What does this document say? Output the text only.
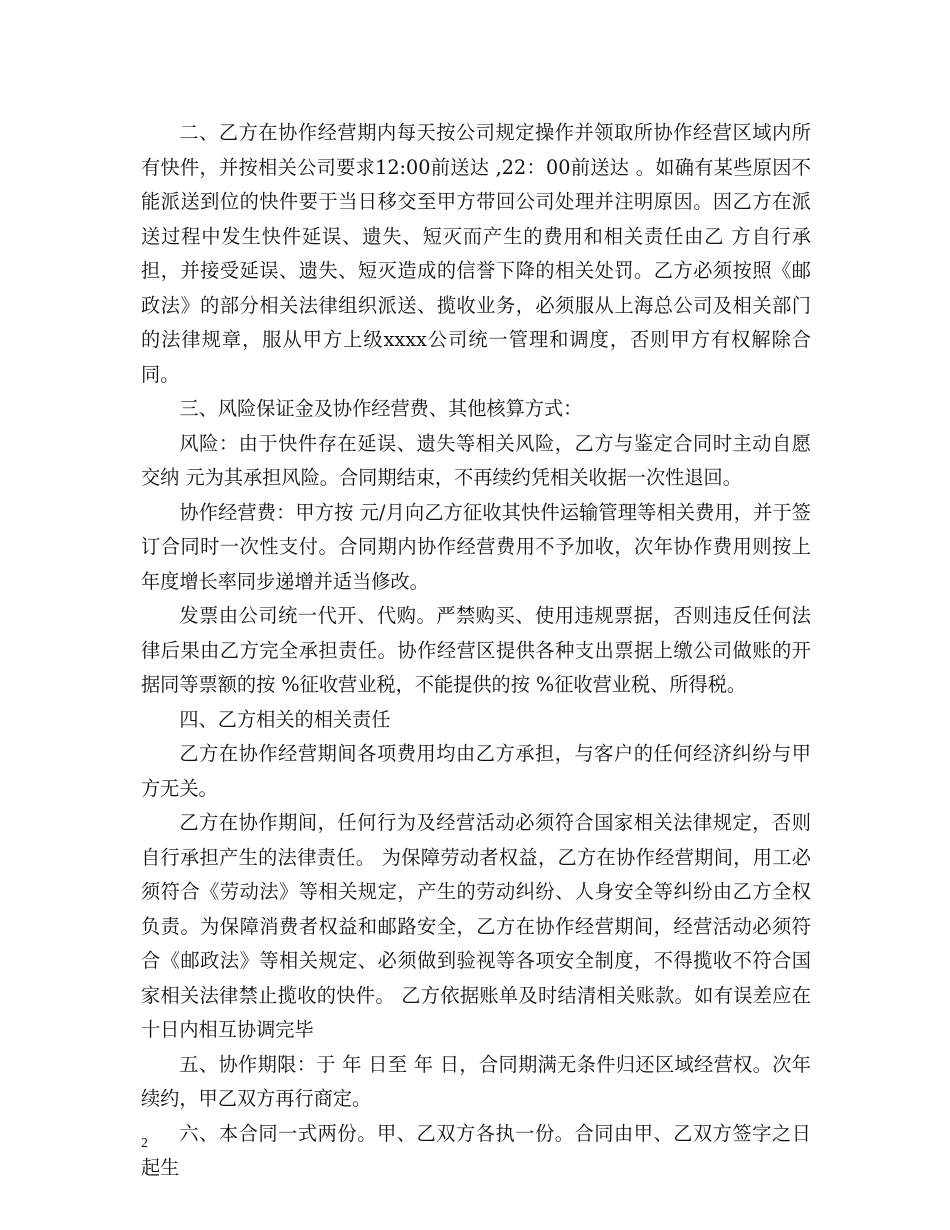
二、乙方在协作经营期内每天按公司规定操作并领取所协作经营区域内所有快件，并按相关公司要求12:00前送达 ,22：00前送达 。如确有某些原因不能派送到位的快件要于当日移交至甲方带回公司处理并注明原因。因乙方在派送过程中发生快件延误、遗失、短灭而产生的费用和相关责任由乙 方自行承担，并接受延误、遗失、短灭造成的信誉下降的相关处罚。乙方必须按照《邮政法》的部分相关法律组织派送、揽收业务，必须服从上海总公司及相关部门 的法律规章，服从甲方上级xxxx公司统一管理和调度，否则甲方有权解除合同。

三、风险保证金及协作经营费、其他核算方式：

风险：由于快件存在延误、遗失等相关风险，乙方与鉴定合同时主动自愿交纳 元为其承担风险。合同期结束，不再续约凭相关收据一次性退回。

协作经营费：甲方按 元/月向乙方征收其快件运输管理等相关费用，并于签订合同时一次性支付。合同期内协作经营费用不予加收，次年协作费用则按上年度增长率同步递增并适当修改。

发票由公司统一代开、代购。严禁购买、使用违规票据，否则违反任何法律后果由乙方完全承担责任。协作经营区提供各种支出票据上缴公司做账的开据同等票额的按 %征收营业税，不能提供的按 %征收营业税、所得税。

四、乙方相关的相关责任

乙方在协作经营期间各项费用均由乙方承担，与客户的任何经济纠纷与甲方无关。

乙方在协作期间，任何行为及经营活动必须符合国家相关法律规定，否则自行承担产生的法律责任。 为保障劳动者权益，乙方在协作经营期间，用工必须符合《劳动法》等相关规定，产生的劳动纠纷、人身安全等纠纷由乙方全权负责。为保障消费者权益和邮路安全，乙方在协作经营期间，经营活动必须符合《邮政法》等相关规定、必须做到验视等各项安全制度，不得揽收不符合国家相关法律禁止揽收的快件。 乙方依据账单及时结清相关账款。如有误差应在十日内相互协调完毕

五、协作期限：于 年 日至 年 日，合同期满无条件归还区域经营权。次年续约，甲乙双方再行商定。

六、本合同一式两份。甲、乙双方各执一份。合同由甲、乙双方签字之日起生

2
